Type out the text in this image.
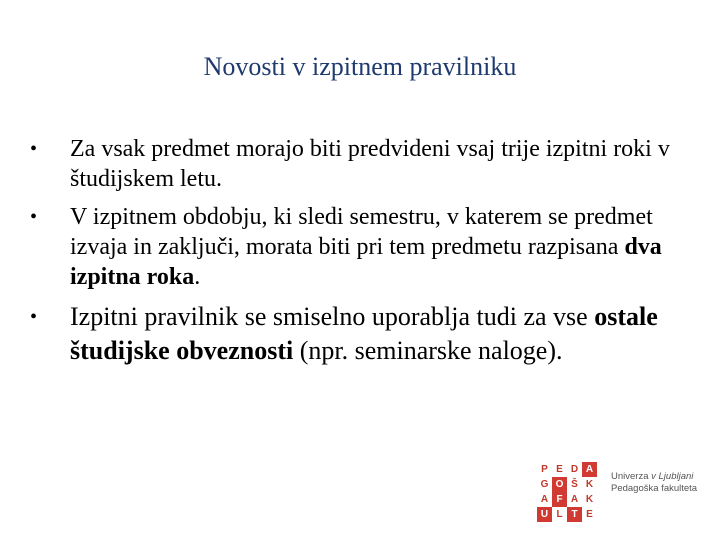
Novosti v izpitnem pravilniku
• Za vsak predmet morajo biti predvideni vsaj trije izpitni roki v študijskem letu.
• V izpitnem obdobju, ki sledi semestru, v katerem se predmet izvaja in zaključi, morata biti pri tem predmetu razpisana dva izpitna roka.
• Izpitni pravilnik se smiselno uporablja tudi za vse ostale študijske obveznosti (npr. seminarske naloge).
P E D A
G O Š K
A F A K
U L T E
Univerza v Ljubljani
Pedagoška fakulteta
